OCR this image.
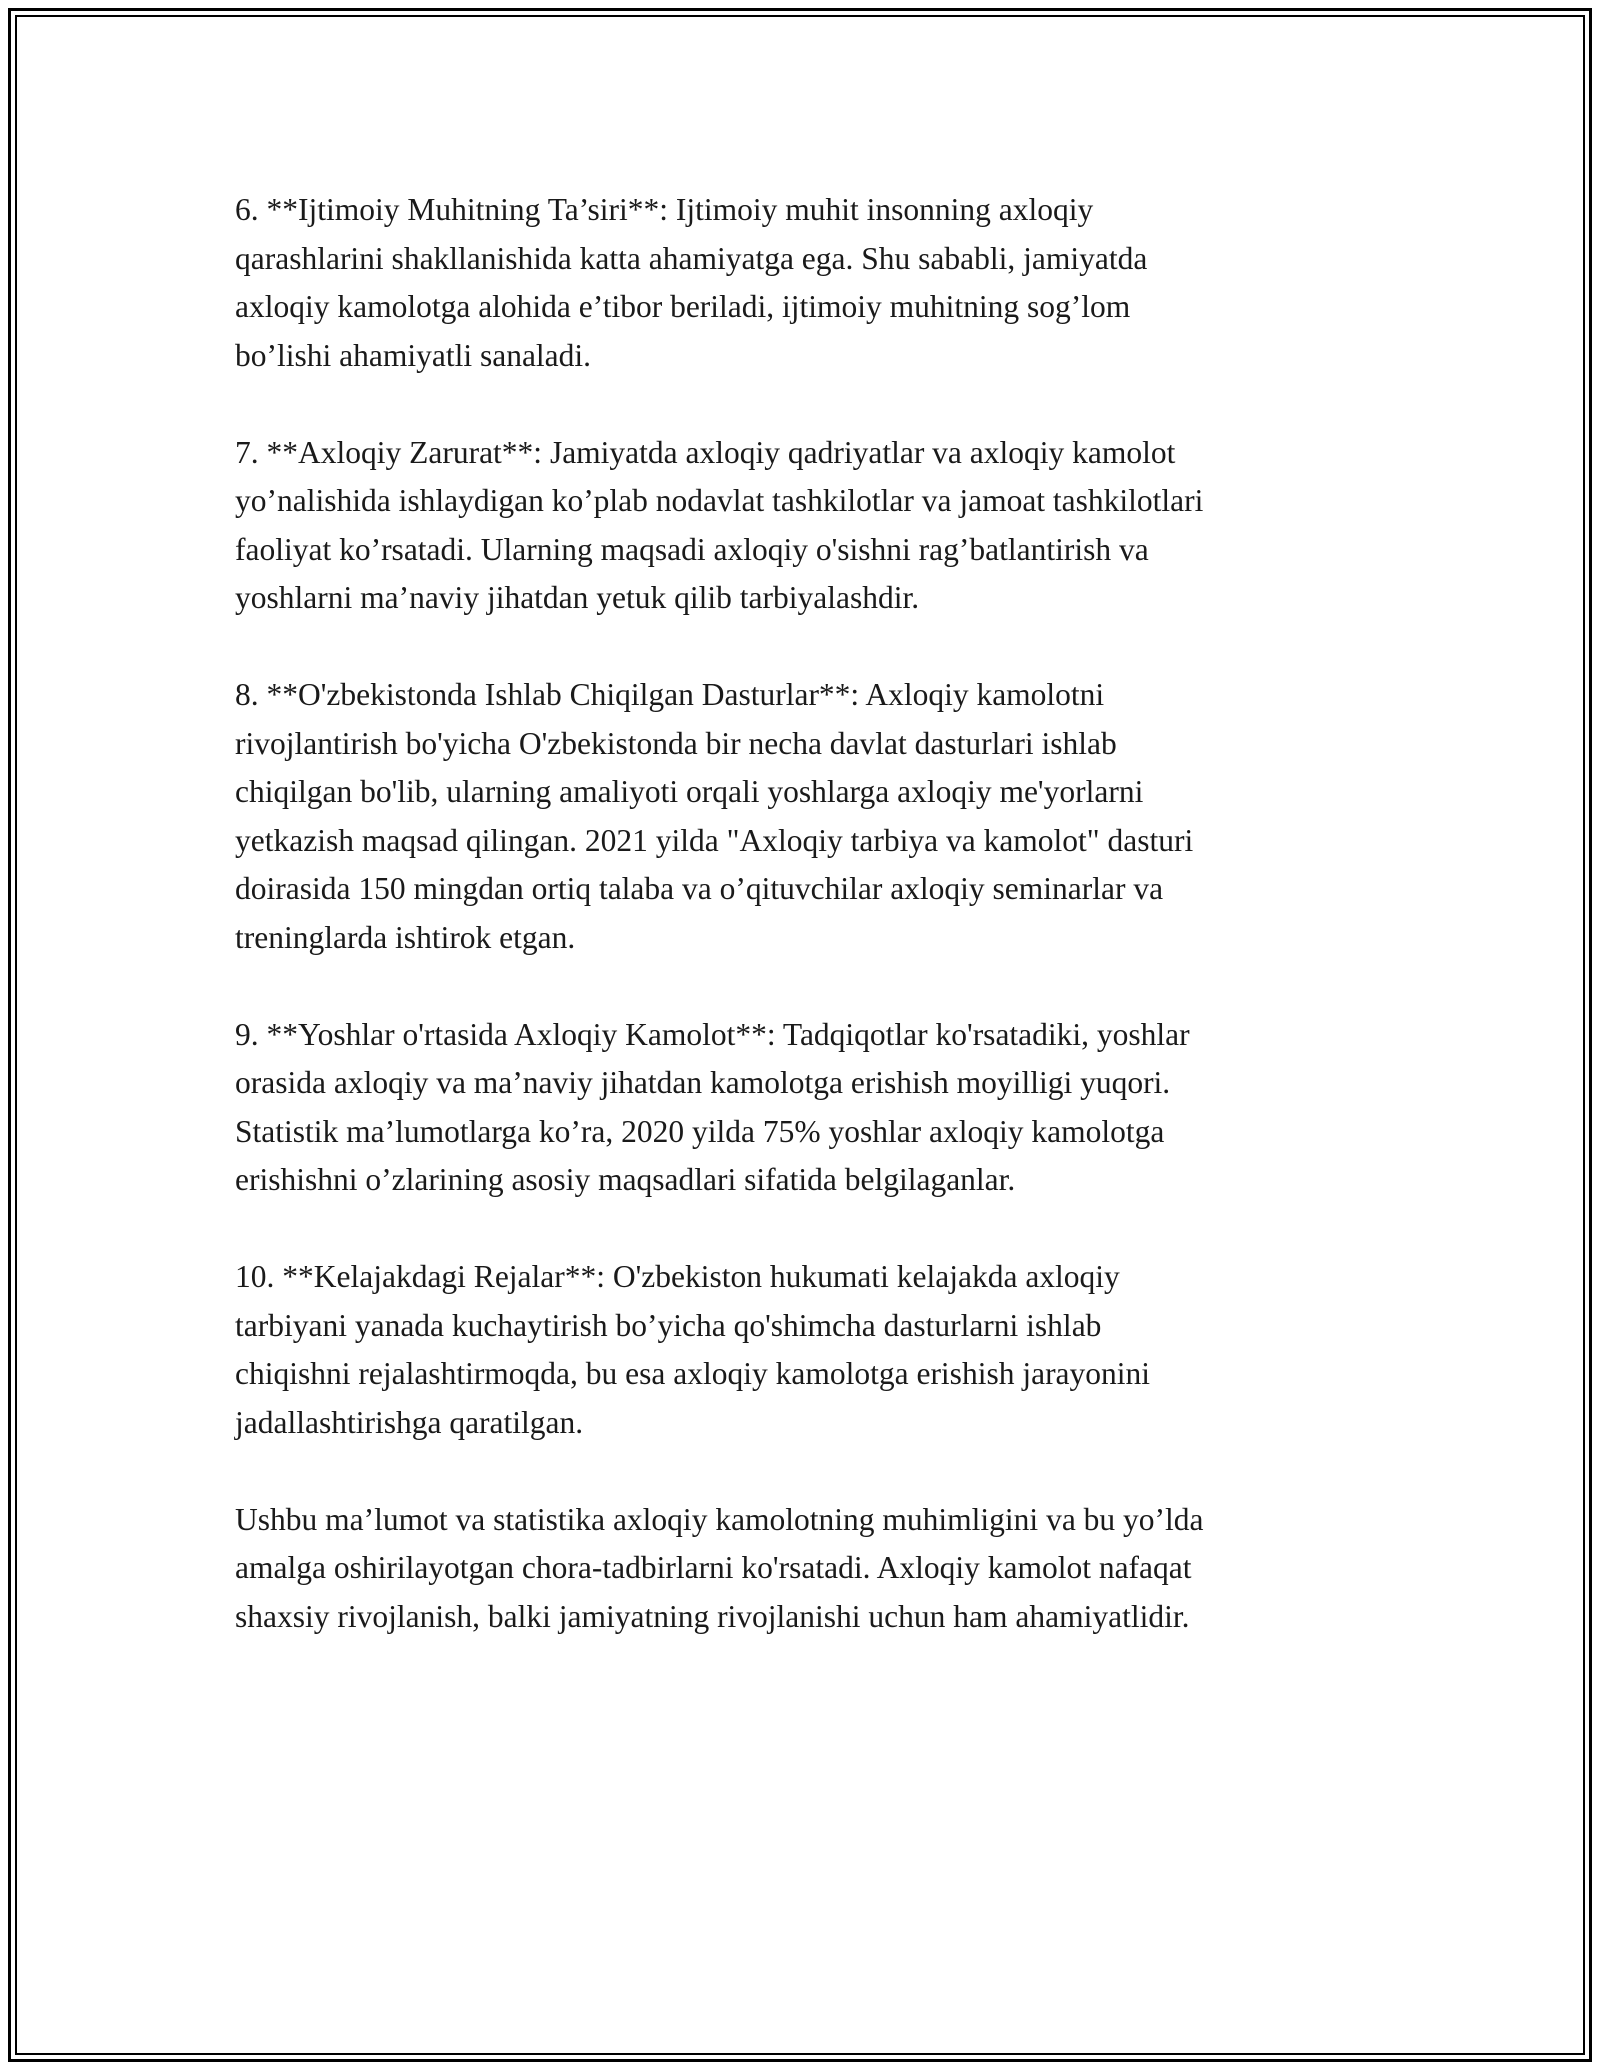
6. **Ijtimoiy Muhitning Ta’siri**: Ijtimoiy muhit insonning axloqiy
qarashlarini shakllanishida katta ahamiyatga ega. Shu sababli, jamiyatda
axloqiy kamolotga alohida e’tibor beriladi, ijtimoiy muhitning sog’lom
bo’lishi ahamiyatli sanaladi.

7. **Axloqiy Zarurat**: Jamiyatda axloqiy qadriyatlar va axloqiy kamolot
yo’nalishida ishlaydigan ko’plab nodavlat tashkilotlar va jamoat tashkilotlari
faoliyat ko’rsatadi. Ularning maqsadi axloqiy o'sishni rag’batlantirish va
yoshlarni ma’naviy jihatdan yetuk qilib tarbiyalashdir.

8. **O'zbekistonda Ishlab Chiqilgan Dasturlar**: Axloqiy kamolotni
rivojlantirish bo'yicha O'zbekistonda bir necha davlat dasturlari ishlab
chiqilgan bo'lib, ularning amaliyoti orqali yoshlarga axloqiy me'yorlarni
yetkazish maqsad qilingan. 2021 yilda "Axloqiy tarbiya va kamolot" dasturi
doirasida 150 mingdan ortiq talaba va o’qituvchilar axloqiy seminarlar va
treninglarda ishtirok etgan.

9. **Yoshlar o'rtasida Axloqiy Kamolot**: Tadqiqotlar ko'rsatadiki, yoshlar
orasida axloqiy va ma’naviy jihatdan kamolotga erishish moyilligi yuqori.
Statistik ma’lumotlarga ko’ra, 2020 yilda 75% yoshlar axloqiy kamolotga
erishishni o’zlarining asosiy maqsadlari sifatida belgilaganlar.

10. **Kelajakdagi Rejalar**: O'zbekiston hukumati kelajakda axloqiy
tarbiyani yanada kuchaytirish bo’yicha qo'shimcha dasturlarni ishlab
chiqishni rejalashtirmoqda, bu esa axloqiy kamolotga erishish jarayonini
jadallashtirishga qaratilgan.

Ushbu ma’lumot va statistika axloqiy kamolotning muhimligini va bu yo’lda
amalga oshirilayotgan chora-tadbirlarni ko'rsatadi. Axloqiy kamolot nafaqat
shaxsiy rivojlanish, balki jamiyatning rivojlanishi uchun ham ahamiyatlidir.
